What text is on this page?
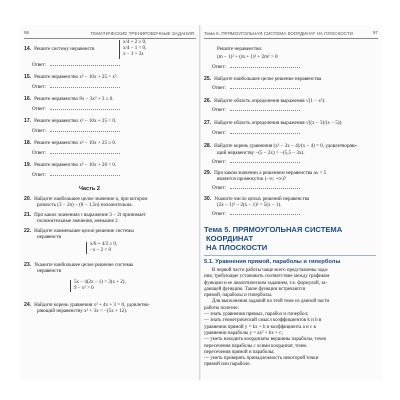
96	ТЕМАТИЧЕСКИЕ ТРЕНИРОВОЧНЫЕ ЗАДАНИЯ
14. Решите систему неравенств
x/4 + 2 ≥ 0,
x/4 − 1 < 0,
x − 1 > 2x
Ответ:
15. Решите неравенство x² − 10x + 25 > x².
Ответ:
16. Решите неравенство 8x − 3x² + 3 ≥ 0.
Ответ:
17. Решите неравенство x² − 10x + 25 < 0.
Ответ:
18. Решите неравенство x² − 10x + 25 ≥ 0.
Ответ:
19. Решите неравенство x² − 10x + 26 < 0.
Ответ:
Часть 2
20. Найдите наибольшее целое значение n, при котором
разность (3 − 2n) − (8 − 1,5n) положительна.
21. При каких значениях t выражение 3 − 2t принимает
положительные значения, меньшие 2.
22. Найдите наименьшее целое решение системы
неравенств
x/6 + 4/3 ≥ 0,
−x − 2 < 0
23. Укажите наибольшее целое решение системы
неравенств
5x − 4(2x − 1) < 3(x + 2),
9 − x² > 0
24. Найдите корень уравнения x² + 4x + 3 = 0, удовлетво-
ряющий неравенству x² + 3x < −(5x + 12).
Тема 5. ПРЯМОУГОЛЬНАЯ СИСТЕМА КООРДИНАТ НА ПЛОСКОСТИ	97
Решите неравенство:
(m − 1)² + (m + 1)² + 2m² > 0
Ответ:
25. Найдите наибольшее целое решение неравенства
Ответ:
26. Найдите область определения выражения √(1 − x²).
Ответ:
27. Найдите область определения выражения √((x − 3)/(x − 5)).
Ответ:
28. Найдите корень уравнения (x² − 3x − 4)/(x − 4) = 0, удовлетворяю-
щий неравенству −(5 − 2x) > −(5,5 − 3x).
Ответ:
29. При каком значении a решением неравенства ax < 5
является промежуток (−∞; +∞)?
Ответ:
30. Укажите число целых решений неравенства
(2x − 1)² − 2(x − 1)² < 5(x − 1).
Ответ:
Тема 5. ПРЯМОУГОЛЬНАЯ СИСТЕМА
КООРДИНАТ
НА ПЛОСКОСТИ
5.1. Уравнения прямой, параболы и гиперболы
В первой части работы чаще всего представлены зада-
ния, требующие установить соответствие между графиком
функции и ее аналитическим заданием, т.е. формулой, за-
дающей функцию. Такие функции встречаются
прямой, параболы и гиперболы.
Для выполнения заданий по этой теме из данной части
работы полезно:
— знать уравнения прямых, парабол и гипербол;
— знать геометрический смысл коэффициентов k и b в
уравнении прямой y = kx + b и коэффициента a и c в
уравнении параболы y = ax² + bx + c;
— уметь находить координаты вершины параболы, точек
пересечения параболы с осями координат, точек
пересечения прямой и параболы;
— уметь проверять принадлежность некоторой точки
прямой или параболе.
